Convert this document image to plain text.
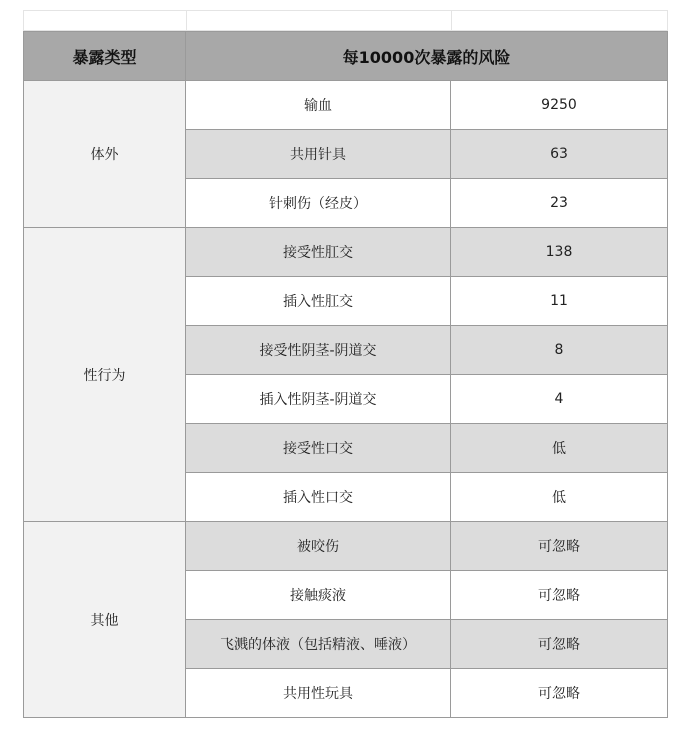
暴露类型	每10000次暴露的风险	
体外	输血	9250
	共用针具	63
	针刺伤（经皮）	23
性行为	接受性肛交	138
	插入性肛交	11
	接受性阴茎-阴道交	8
	插入性阴茎-阴道交	4
	接受性口交	低
	插入性口交	低
其他	被咬伤	可忽略
	接触痰液	可忽略
	飞溅的体液（包括精液、唾液）	可忽略
	共用性玩具	可忽略
